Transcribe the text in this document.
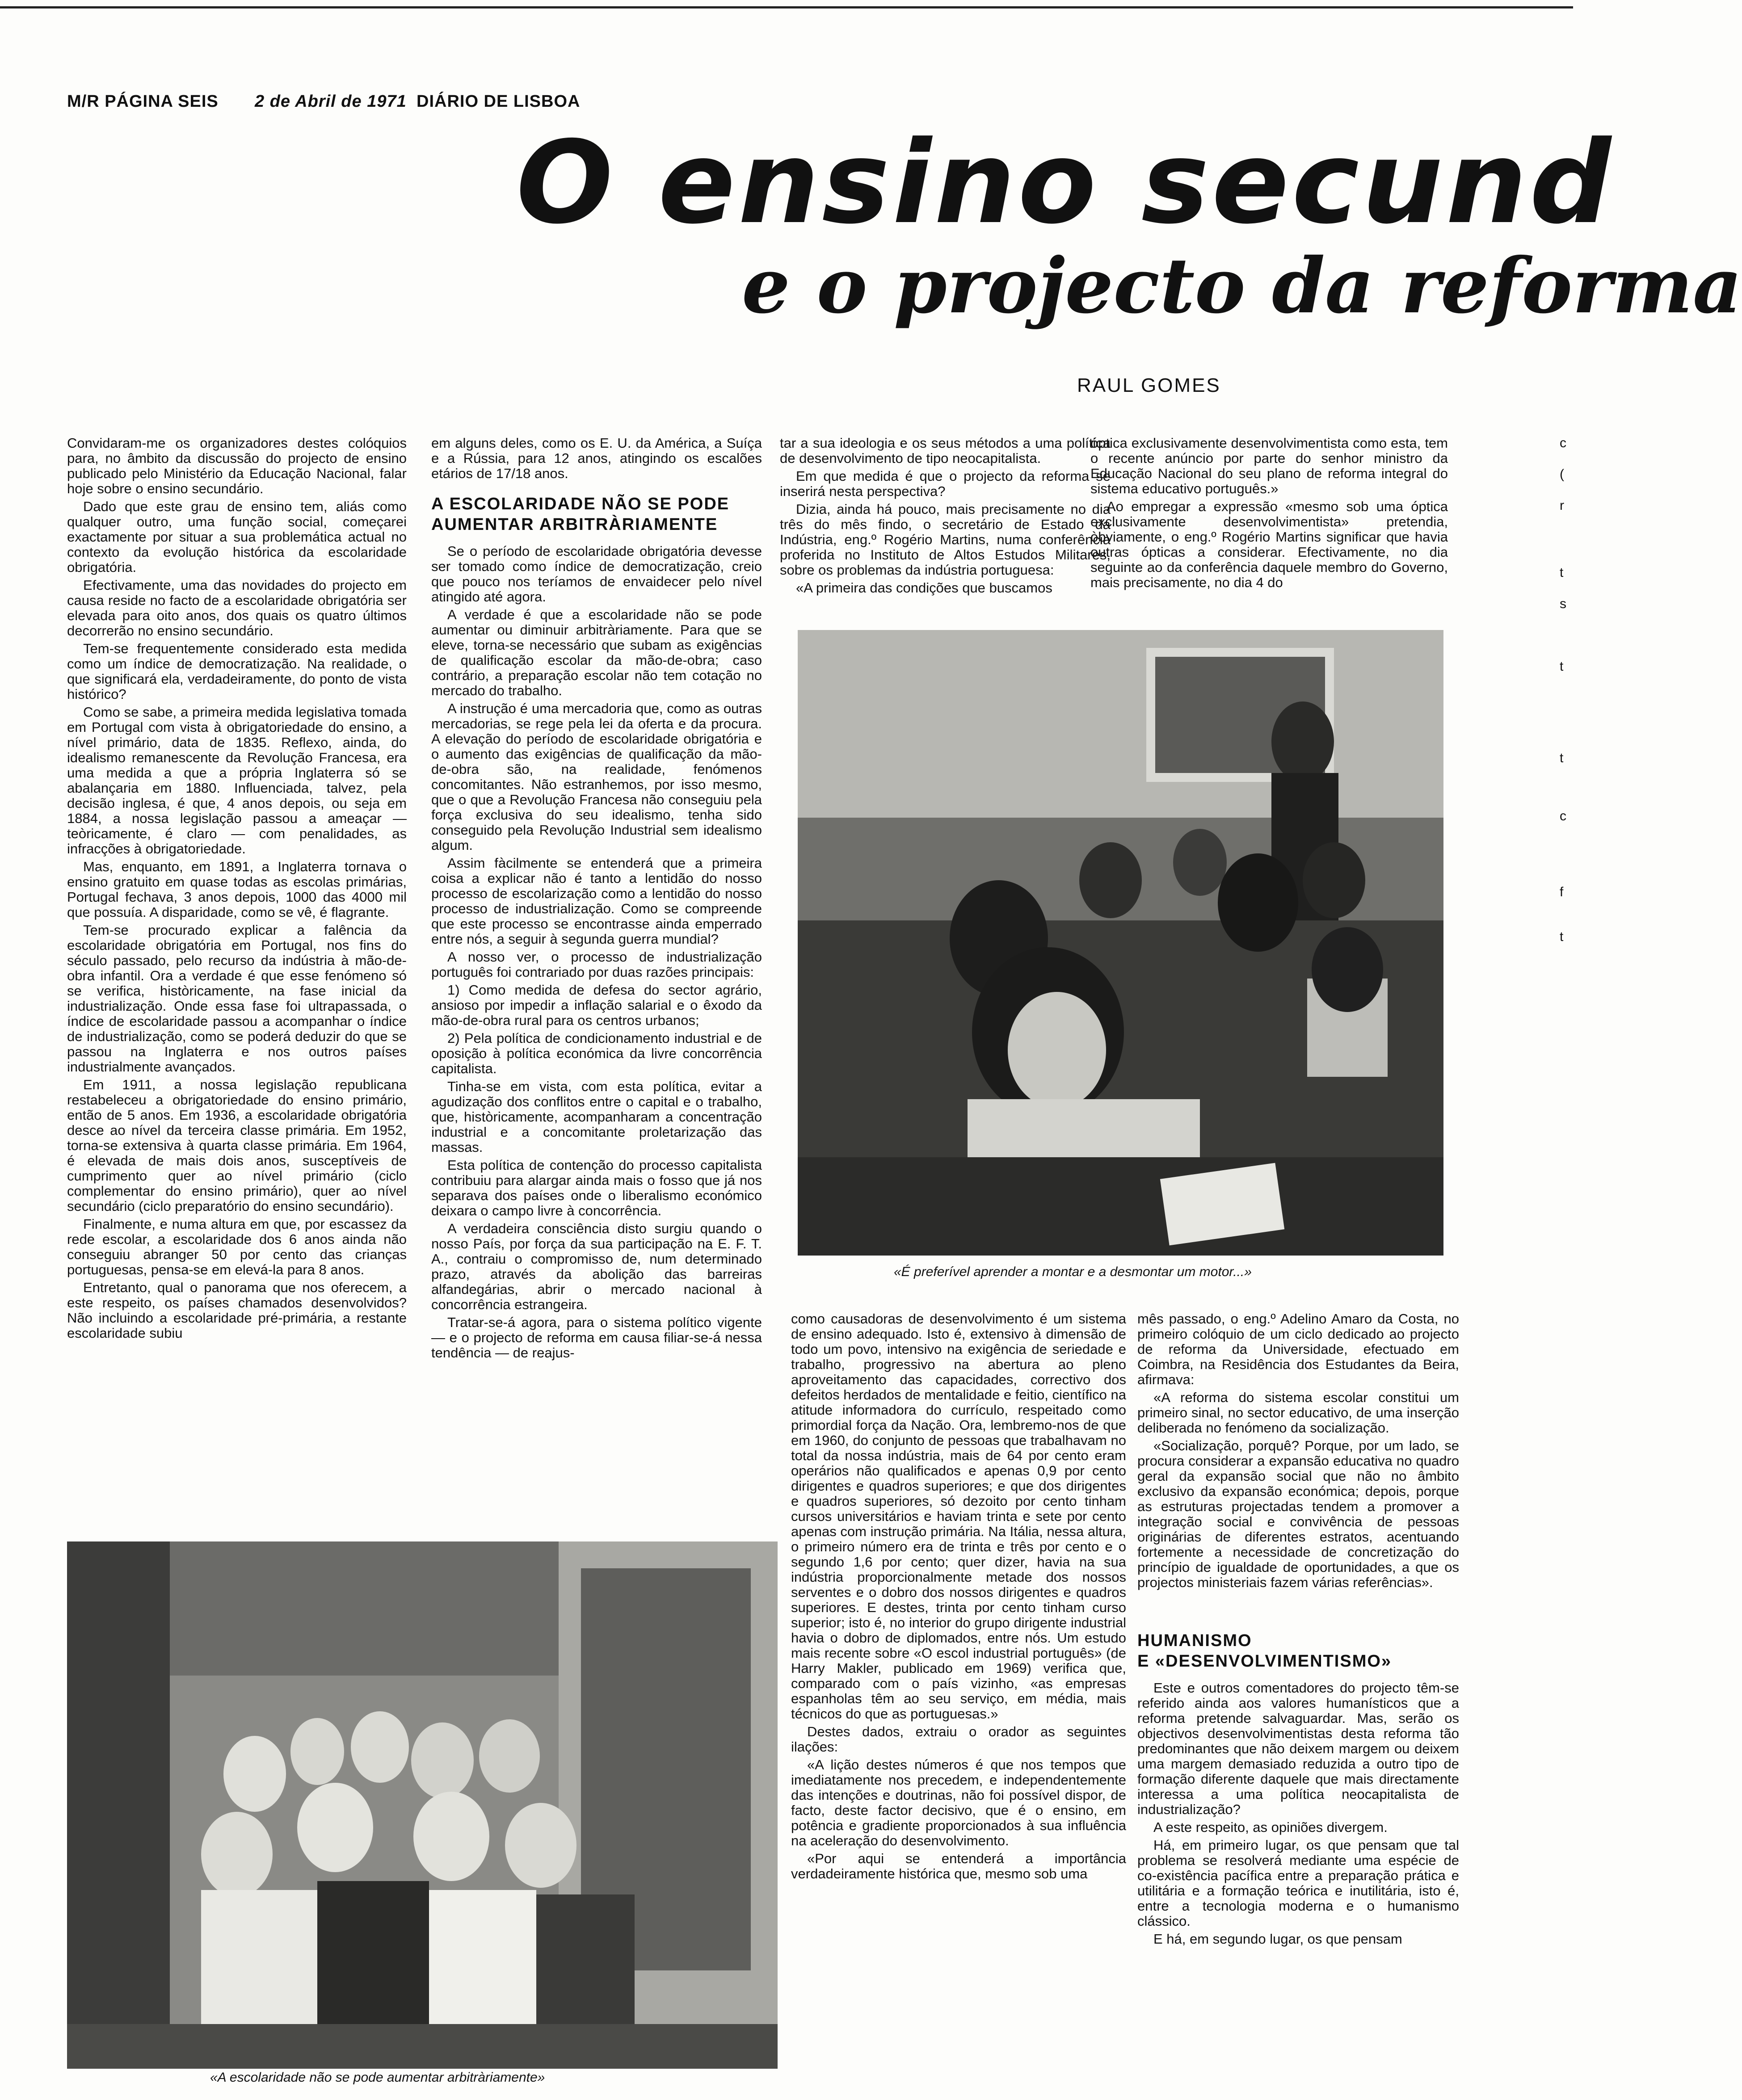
M/R PÁGINA SEIS 2 de Abril de 1971 DIÁRIO DE LISBOA
O ensino secund
e o projecto da reforma
RAUL GOMES

Convidaram-me os organizadores destes colóquios para, no âmbito da discussão do projecto de ensino publicado pelo Ministério da Educação Nacional, falar hoje sobre o ensino secundário.

Dado que este grau de ensino tem, aliás como qualquer outro, uma função social, começarei exactamente por situar a sua problemática actual no contexto da evolução histórica da escolaridade obrigatória.

Efectivamente, uma das novidades do projecto em causa reside no facto de a escolaridade obrigatória ser elevada para oito anos, dos quais os quatro últimos decorrerão no ensino secundário.

Tem-se frequentemente considerado esta medida como um índice de democratização. Na realidade, o que significará ela, verdadeiramente, do ponto de vista histórico?

Como se sabe, a primeira medida legislativa tomada em Portugal com vista à obrigatoriedade do ensino, a nível primário, data de 1835. Reflexo, ainda, do idealismo remanescente da Revolução Francesa, era uma medida a que a própria Inglaterra só se abalançaria em 1880. Influenciada, talvez, pela decisão inglesa, é que, 4 anos depois, ou seja em 1884, a nossa legislação passou a ameaçar — teòricamente, é claro — com penalidades, as infracções à obrigatoriedade.

Mas, enquanto, em 1891, a Inglaterra tornava o ensino gratuito em quase todas as escolas primárias, Portugal fechava, 3 anos depois, 1000 das 4000 mil que possuía. A disparidade, como se vê, é flagrante.

Tem-se procurado explicar a falência da escolaridade obrigatória em Portugal, nos fins do século passado, pelo recurso da indústria à mão-de-obra infantil. Ora a verdade é que esse fenómeno só se verifica, històricamente, na fase inicial da industrialização. Onde essa fase foi ultrapassada, o índice de escolaridade passou a acompanhar o índice de industrialização, como se poderá deduzir do que se passou na Inglaterra e nos outros países industrialmente avançados.

Em 1911, a nossa legislação republicana restabeleceu a obrigatoriedade do ensino primário, então de 5 anos. Em 1936, a escolaridade obrigatória desce ao nível da terceira classe primária. Em 1952, torna-se extensiva à quarta classe primária. Em 1964, é elevada de mais dois anos, susceptíveis de cumprimento quer ao nível primário (ciclo complementar do ensino primário), quer ao nível secundário (ciclo preparatório do ensino secundário).

Finalmente, e numa altura em que, por escassez da rede escolar, a escolaridade dos 6 anos ainda não conseguiu abranger 50 por cento das crianças portuguesas, pensa-se em elevá-la para 8 anos.

Entretanto, qual o panorama que nos oferecem, a este respeito, os países chamados desenvolvidos? Não incluindo a escolaridade pré-primária, a restante escolaridade subiu

em alguns deles, como os E. U. da América, a Suíça e a Rússia, para 12 anos, atingindo os escalões etários de 17/18 anos.

A ESCOLARIDADE NÃO SE PODE AUMENTAR ARBITRÀRIAMENTE

Se o período de escolaridade obrigatória devesse ser tomado como índice de democratização, creio que pouco nos teríamos de envaidecer pelo nível atingido até agora.

A verdade é que a escolaridade não se pode aumentar ou diminuir arbitràriamente. Para que se eleve, torna-se necessário que subam as exigências de qualificação escolar da mão-de-obra; caso contrário, a preparação escolar não tem cotação no mercado do trabalho.

A instrução é uma mercadoria que, como as outras mercadorias, se rege pela lei da oferta e da procura. A elevação do período de escolaridade obrigatória e o aumento das exigências de qualificação da mão-de-obra são, na realidade, fenómenos concomitantes. Não estranhemos, por isso mesmo, que o que a Revolução Francesa não conseguiu pela força exclusiva do seu idealismo, tenha sido conseguido pela Revolução Industrial sem idealismo algum.

Assim fàcilmente se entenderá que a primeira coisa a explicar não é tanto a lentidão do nosso processo de escolarização como a lentidão do nosso processo de industrialização. Como se compreende que este processo se encontrasse ainda emperrado entre nós, a seguir à segunda guerra mundial?

A nosso ver, o processo de industrialização português foi contrariado por duas razões principais:

1) Como medida de defesa do sector agrário, ansioso por impedir a inflação salarial e o êxodo da mão-de-obra rural para os centros urbanos;

2) Pela política de condicionamento industrial e de oposição à política económica da livre concorrência capitalista.

Tinha-se em vista, com esta política, evitar a agudização dos conflitos entre o capital e o trabalho, que, històricamente, acompanharam a concentração industrial e a concomitante proletarização das massas.

Esta política de contenção do processo capitalista contribuiu para alargar ainda mais o fosso que já nos separava dos países onde o liberalismo económico deixara o campo livre à concorrência.

A verdadeira consciência disto surgiu quando o nosso País, por força da sua participação na E. F. T. A., contraiu o compromisso de, num determinado prazo, através da abolição das barreiras alfandegárias, abrir o mercado nacional à concorrência estrangeira.

Tratar-se-á agora, para o sistema político vigente — e o projecto de reforma em causa filiar-se-á nessa tendência — de reajus-

tar a sua ideologia e os seus métodos a uma política de desenvolvimento de tipo neocapitalista.

Em que medida é que o projecto da reforma se inserirá nesta perspectiva?

Dizia, ainda há pouco, mais precisamente no dia três do mês findo, o secretário de Estado da Indústria, eng.º Rogério Martins, numa conferência proferida no Instituto de Altos Estudos Militares, sobre os problemas da indústria portuguesa:

«A primeira das condições que buscamos

óptica exclusivamente desenvolvimentista como esta, tem o recente anúncio por parte do senhor ministro da Educação Nacional do seu plano de reforma integral do sistema educativo português.»

Ao empregar a expressão «mesmo sob uma óptica exclusivamente desenvolvimentista» pretendia, òbviamente, o eng.º Rogério Martins significar que havia outras ópticas a considerar. Efectivamente, no dia seguinte ao da conferência daquele membro do Governo, mais precisamente, no dia 4 do

«É preferível aprender a montar e a desmontar um motor...»
«A escolaridade não se pode aumentar arbitràriamente»

como causadoras de desenvolvimento é um sistema de ensino adequado. Isto é, extensivo à dimensão de todo um povo, intensivo na exigência de seriedade e trabalho, progressivo na abertura ao pleno aproveitamento das capacidades, correctivo dos defeitos herdados de mentalidade e feitio, científico na atitude informadora do currículo, respeitado como primordial força da Nação. Ora, lembremo-nos de que em 1960, do conjunto de pessoas que trabalhavam no total da nossa indústria, mais de 64 por cento eram operários não qualificados e apenas 0,9 por cento dirigentes e quadros superiores; e que dos dirigentes e quadros superiores, só dezoito por cento tinham cursos universitários e haviam trinta e sete por cento apenas com instrução primária. Na Itália, nessa altura, o primeiro número era de trinta e três por cento e o segundo 1,6 por cento; quer dizer, havia na sua indústria proporcionalmente metade dos nossos serventes e o dobro dos nossos dirigentes e quadros superiores. E destes, trinta por cento tinham curso superior; isto é, no interior do grupo dirigente industrial havia o dobro de diplomados, entre nós. Um estudo mais recente sobre «O escol industrial português» (de Harry Makler, publicado em 1969) verifica que, comparado com o país vizinho, «as empresas espanholas têm ao seu serviço, em média, mais técnicos do que as portuguesas.»

Destes dados, extraiu o orador as seguintes ilações:

«A lição destes números é que nos tempos que imediatamente nos precedem, e independentemente das intenções e doutrinas, não foi possível dispor, de facto, deste factor decisivo, que é o ensino, em potência e gradiente proporcionados à sua influência na aceleração do desenvolvimento.

«Por aqui se entenderá a importância verdadeiramente histórica que, mesmo sob uma

mês passado, o eng.º Adelino Amaro da Costa, no primeiro colóquio de um ciclo dedicado ao projecto de reforma da Universidade, efectuado em Coimbra, na Residência dos Estudantes da Beira, afirmava:

«A reforma do sistema escolar constitui um primeiro sinal, no sector educativo, de uma inserção deliberada no fenómeno da socialização.

«Socialização, porquê? Porque, por um lado, se procura considerar a expansão educativa no quadro geral da expansão social que não no âmbito exclusivo da expansão económica; depois, porque as estruturas projectadas tendem a promover a integração social e convivência de pessoas originárias de diferentes estratos, acentuando fortemente a necessidade de concretização do princípio de igualdade de oportunidades, a que os projectos ministeriais fazem várias referências».

HUMANISMO
E «DESENVOLVIMENTISMO»

Este e outros comentadores do projecto têm-se referido ainda aos valores humanísticos que a reforma pretende salvaguardar. Mas, serão os objectivos desenvolvimentistas desta reforma tão predominantes que não deixem margem ou deixem uma margem demasiado reduzida a outro tipo de formação diferente daquele que mais directamente interessa a uma política neocapitalista de industrialização?

A este respeito, as opiniões divergem.

Há, em primeiro lugar, os que pensam que tal problema se resolverá mediante uma espécie de co-existência pacífica entre a preparação prática e utilitária e a formação teórica e inutilitária, isto é, entre a tecnologia moderna e o humanismo clássico.

E há, em segundo lugar, os que pensam

c
(
r
t
s
t
t
c
f
t
